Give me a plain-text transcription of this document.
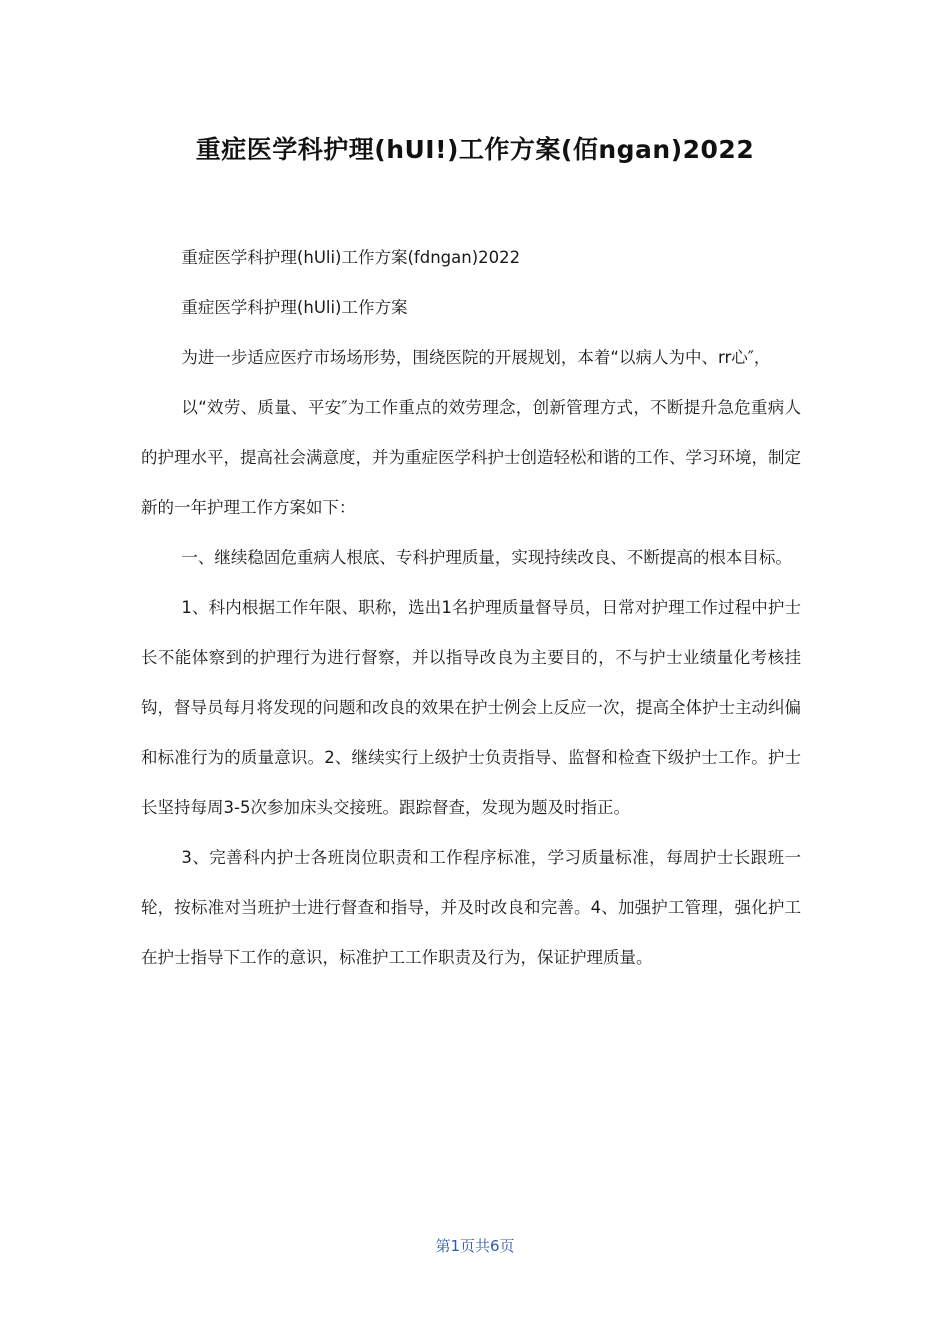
重症医学科护理(hUI!)工作方案(佰ngan)2022

重症医学科护理(hUli)工作方案(fdngan)2022

重症医学科护理(hUli)工作方案

为进一步适应医疗市场场形势，围绕医院的开展规划，本着“以病人为中、rr心″，

以“效劳、质量、平安″为工作重点的效劳理念，创新管理方式，不断提升急危重病人的护理水平，提高社会满意度，并为重症医学科护士创造轻松和谐的工作、学习环境，制定新的一年护理工作方案如下：

一、继续稳固危重病人根底、专科护理质量，实现持续改良、不断提高的根本目标。

1、科内根据工作年限、职称，选出1名护理质量督导员，日常对护理工作过程中护士长不能体察到的护理行为进行督察，并以指导改良为主要目的，不与护士业绩量化考核挂钩，督导员每月将发现的问题和改良的效果在护士例会上反应一次，提高全体护士主动纠偏和标准行为的质量意识。2、继续实行上级护士负责指导、监督和检查下级护士工作。护士长坚持每周3-5次参加床头交接班。跟踪督查，发现为题及时指正。

3、完善科内护士各班岗位职责和工作程序标准，学习质量标准，每周护士长跟班一轮，按标准对当班护士进行督查和指导，并及时改良和完善。4、加强护工管理，强化护工在护士指导下工作的意识，标准护工工作职责及行为，保证护理质量。

第1页共6页
